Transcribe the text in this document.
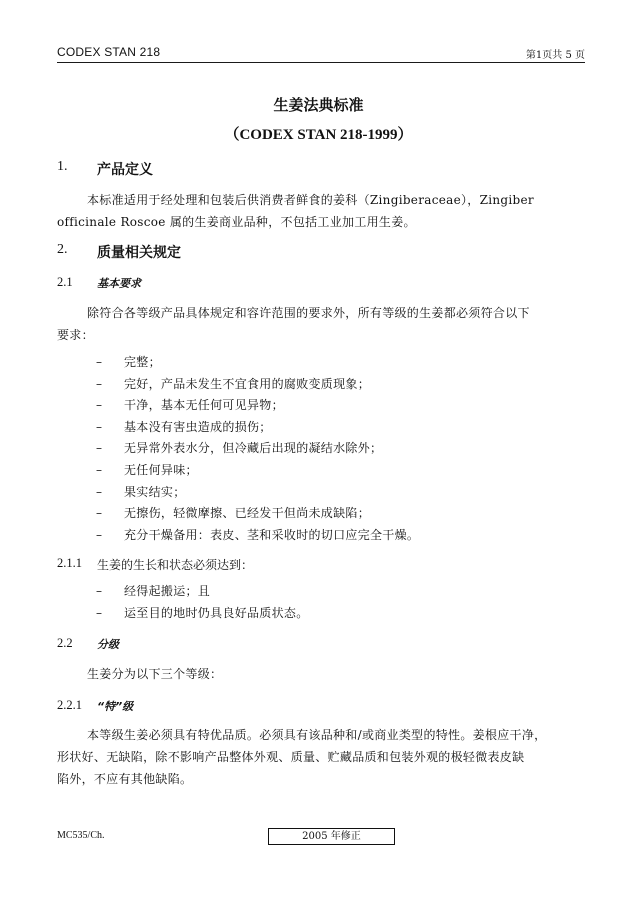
CODEX STAN 218	第1页共 5 页
生姜法典标准
（CODEX STAN 218-1999）
1. 产品定义
本标准适用于经处理和包装后供消费者鲜食的姜科（Zingiberaceae），Zingiber
officinale Roscoe 属的生姜商业品种，不包括工业加工用生姜。
2. 质量相关规定
2.1 基本要求
除符合各等级产品具体规定和容许范围的要求外，所有等级的生姜都必须符合以下
要求：
– 完整；
– 完好，产品未发生不宜食用的腐败变质现象；
– 干净，基本无任何可见异物；
– 基本没有害虫造成的损伤；
– 无异常外表水分，但冷藏后出现的凝结水除外；
– 无任何异味；
– 果实结实；
– 无擦伤，轻微摩擦、已经发干但尚未成缺陷；
– 充分干燥备用：表皮、茎和采收时的切口应完全干燥。
2.1.1 生姜的生长和状态必须达到：
– 经得起搬运；且
– 运至目的地时仍具良好品质状态。
2.2 分级
生姜分为以下三个等级：
2.2.1 “特”级
本等级生姜必须具有特优品质。必须具有该品种和/或商业类型的特性。姜根应干净，
形状好、无缺陷，除不影响产品整体外观、质量、贮藏品质和包装外观的极轻微表皮缺
陷外，不应有其他缺陷。
MC535/Ch.	2005 年修正
